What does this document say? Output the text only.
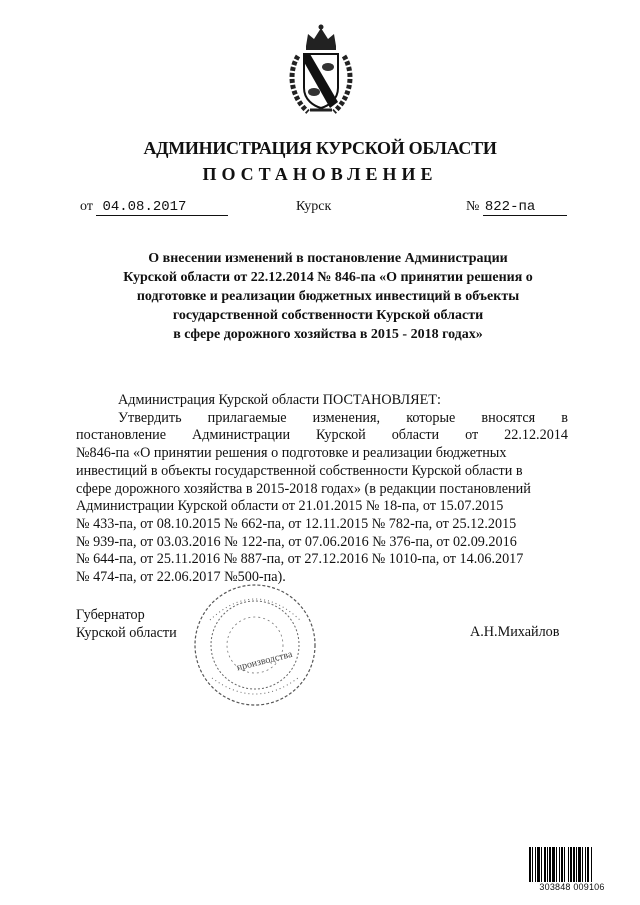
АДМИНИСТРАЦИЯ КУРСКОЙ ОБЛАСТИ
ПОСТАНОВЛЕНИЕ
от 04.08.2017	Курск	№ 822-па
О внесении изменений в постановление Администрации
Курской области от 22.12.2014 № 846-па «О принятии решения о
подготовке и реализации бюджетных инвестиций в объекты
государственной собственности Курской области
в сфере дорожного хозяйства в 2015 - 2018 годах»
Администрация Курской области ПОСТАНОВЛЯЕТ:
Утвердить прилагаемые изменения, которые вносятся в
постановление Администрации Курской области от 22.12.2014
№846-па «О принятии решения о подготовке и реализации бюджетных
инвестиций в объекты государственной собственности Курской области в
сфере дорожного хозяйства в 2015-2018 годах» (в редакции постановлений
Администрации Курской области от 21.01.2015 № 18-па, от 15.07.2015
№ 433-па, от 08.10.2015 № 662-па, от 12.11.2015 № 782-па, от 25.12.2015
№ 939-па, от 03.03.2016 № 122-па, от 07.06.2016 № 376-па, от 02.09.2016
№ 644-па, от 25.11.2016 № 887-па, от 27.12.2016 № 1010-па, от 14.06.2017
№ 474-па, от 22.06.2017 №500-па).
производства
Губернатор
Курской области	А.Н.Михайлов
303848 009106
